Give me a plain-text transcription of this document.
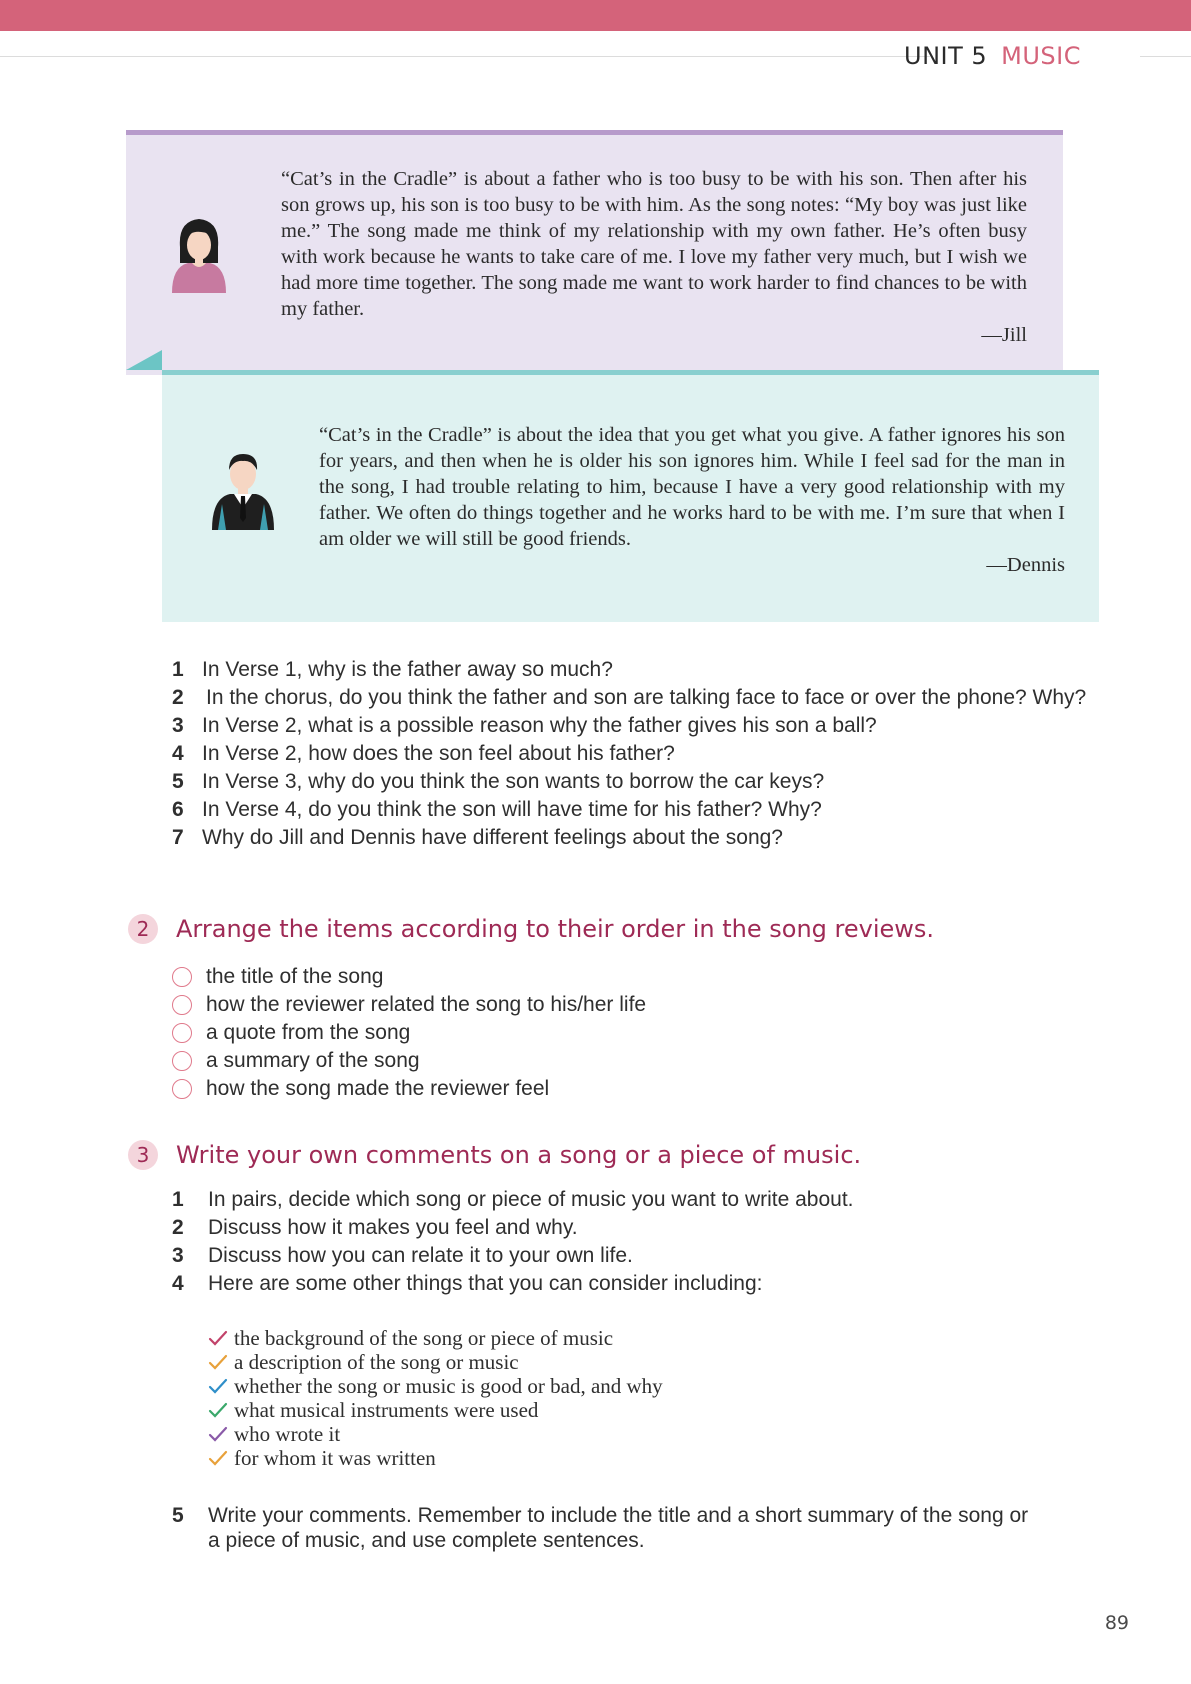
UNIT 5 MUSIC
“Cat’s in the Cradle” is about a father who is too busy to be with his son. Then after his son grows up, his son is too busy to be with him. As the song notes: “My boy was just like me.” The song made me think of my relationship with my own father. He’s often busy with work because he wants to take care of me. I love my father very much, but I wish we had more time together. The song made me want to work harder to find chances to be with my father.
—Jill
“Cat’s in the Cradle” is about the idea that you get what you give. A father ignores his son for years, and then when he is older his son ignores him. While I feel sad for the man in the song, I had trouble relating to him, because I have a very good relationship with my father. We often do things together and he works hard to be with me. I’m sure that when I am older we will still be good friends.
—Dennis
1 In Verse 1, why is the father away so much?
2	In the chorus, do you think the father and son are talking face to face or over the phone? Why?
3 In Verse 2, what is a possible reason why the father gives his son a ball?
4 In Verse 2, how does the son feel about his father?
5 In Verse 3, why do you think the son wants to borrow the car keys?
6 In Verse 4, do you think the son will have time for his father? Why?
7 Why do Jill and Dennis have different feelings about the song?
2	Arrange the items according to their order in the song reviews.
the title of the song
how the reviewer related the song to his/her life
a quote from the song
a summary of the song
how the song made the reviewer feel
3	Write your own comments on a song or a piece of music.
1	In pairs, decide which song or piece of music you want to write about.
2	Discuss how it makes you feel and why.
3	Discuss how you can relate it to your own life.
4	Here are some other things that you can consider including:
the background of the song or piece of music
a description of the song or music
whether the song or music is good or bad, and why
what musical instruments were used
who wrote it
for whom it was written
5	Write your comments. Remember to include the title and a short summary of the song or a piece of music, and use complete sentences.
89
